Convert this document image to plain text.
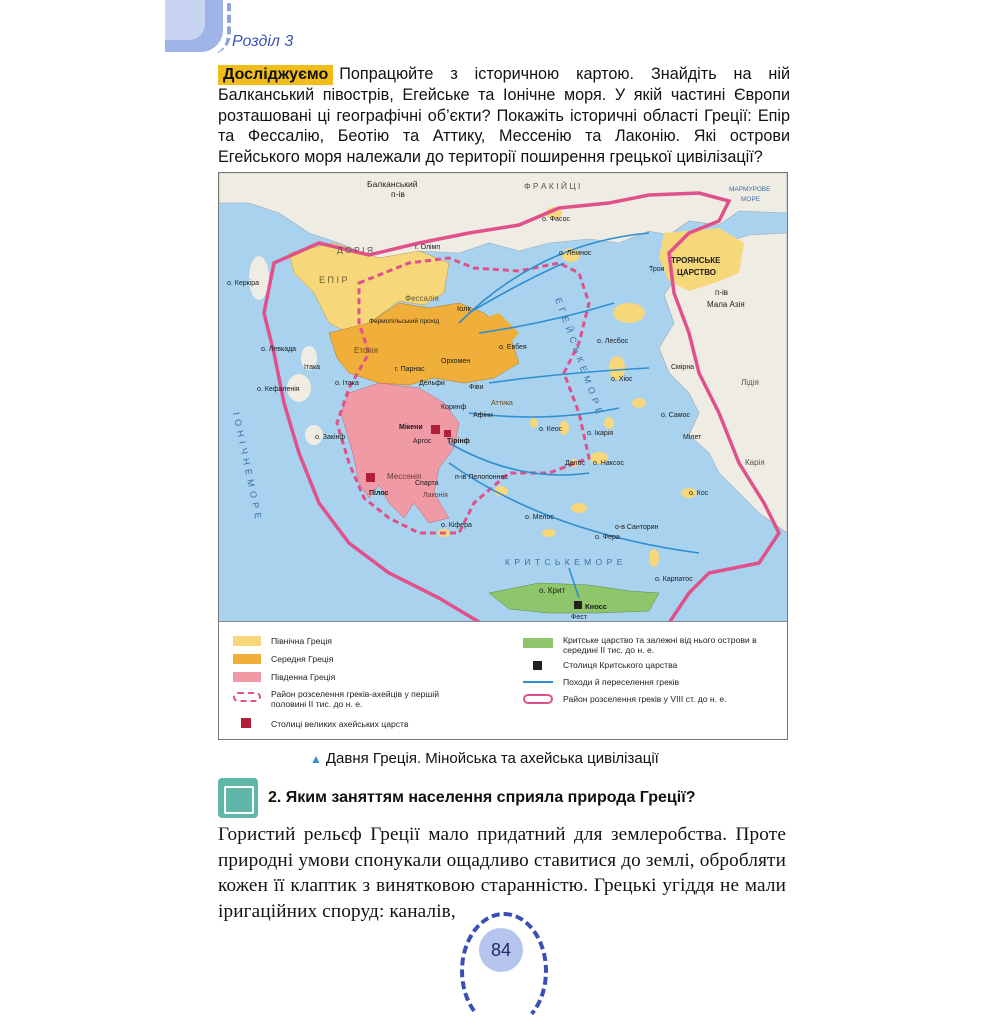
Розділ 3
Досліджуємо Попрацюйте з історичною картою. Знайдіть на ній Балканський півострів, Егейське та Іонічне моря. У якій частині Європи розташовані ці географічні об’єкти? Покажіть історичні області Греції: Епір та Фессалію, Беотію та Аттику, Мессенію та Лаконію. Які острови Егейського моря належали до території поширення грецької цивілізації?
Балканський
п-ів
Ф Р А К І Й Ц І	МАРМУРОВЕ
МОРЕ
Д О Р І Я
о. Фасос
о. Лемнос
г. Олімп
Е П І Р
о. Керкіра
Фессалія
Іолк
Троя
ТРОЯНСЬКЕ
ЦАРСТВО
п-ів
Мала Азія
о. Лесбос
Фермопільський прохід
Етолія
о. Левкада
Ітака
Орхомен
о. Евбея
г. Парнас
Дельфи
Фіви
о. Кефаленія
о. Ітака
о. Хіос
Смірна
Лідія
Коринф
Афіни
Аттика
о. Самос
Мікени
Аргос Тірінф
о. Закінф
о. Кеос
о. Ікарія
Мілет
Делос о. Наксос	Карія
І О Н І Ч Н Е М О Р Е	Мессенія
Пілос
Спарта
Лаконія
п-ів Пелопоннес
о. Кос
о. Мелос
о-в Санторин
о. Фера
о. Кіфера
К Р И Т С Ь К Е М О Р Е
о. Карпатос
о. Крит
Кносс
Фест
Е Г Е Й С Ь К Е М О Р Е
Північна Греція
Середня Греція
Південна Греція
Район розселення греків-ахейців у першій половині II тис. до н. е.
Столиці великих ахейських царств
Критське царство та залежні від нього острови в середині II тис. до н. е.
Столиця Критського царства
Походи й переселення греків
Район розселення греків у VIII ст. до н. е.
▲ Давня Греція. Мінойська та ахейська цивілізації
2. Яким заняттям населення сприяла природа Греції?
Гористий рельєф Греції мало придатний для землеробства. Проте природні умови спонукали ощадливо ставитися до землі, обробляти кожен її клаптик з винятковою старанністю. Грецькі угіддя не мали іригаційних споруд: каналів,
84
